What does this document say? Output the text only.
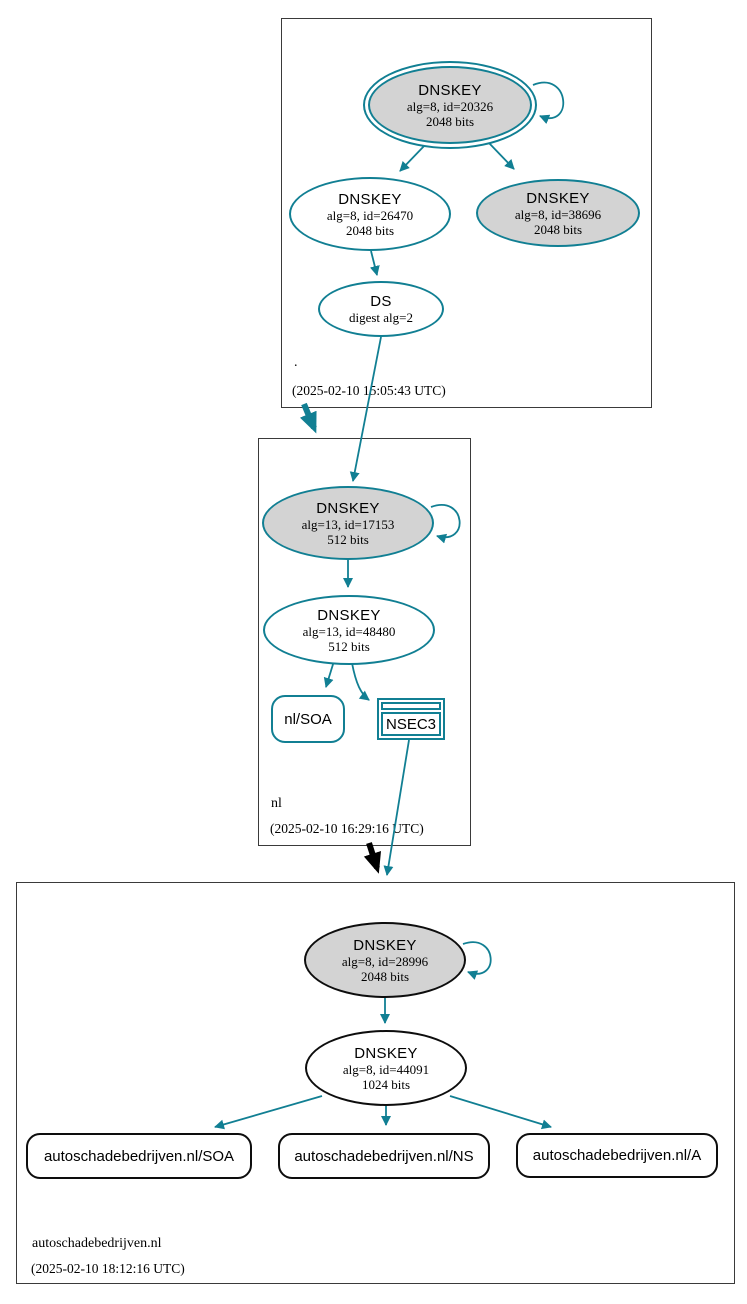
.
(2025-02-10 15:05:43 UTC)
nl
(2025-02-10 16:29:16 UTC)
autoschadebedrijven.nl
(2025-02-10 18:12:16 UTC)
DNSKEY
alg=8, id=20326
2048 bits
DNSKEY
alg=8, id=26470
2048 bits
DNSKEY
alg=8, id=38696
2048 bits
DS
digest alg=2
DNSKEY
alg=13, id=17153
512 bits
DNSKEY
alg=13, id=48480
512 bits
nl/SOA	NSEC3
DNSKEY
alg=8, id=28996
2048 bits
DNSKEY
alg=8, id=44091
1024 bits
autoschadebedrijven.nl/SOA	autoschadebedrijven.nl/NS	autoschadebedrijven.nl/A
